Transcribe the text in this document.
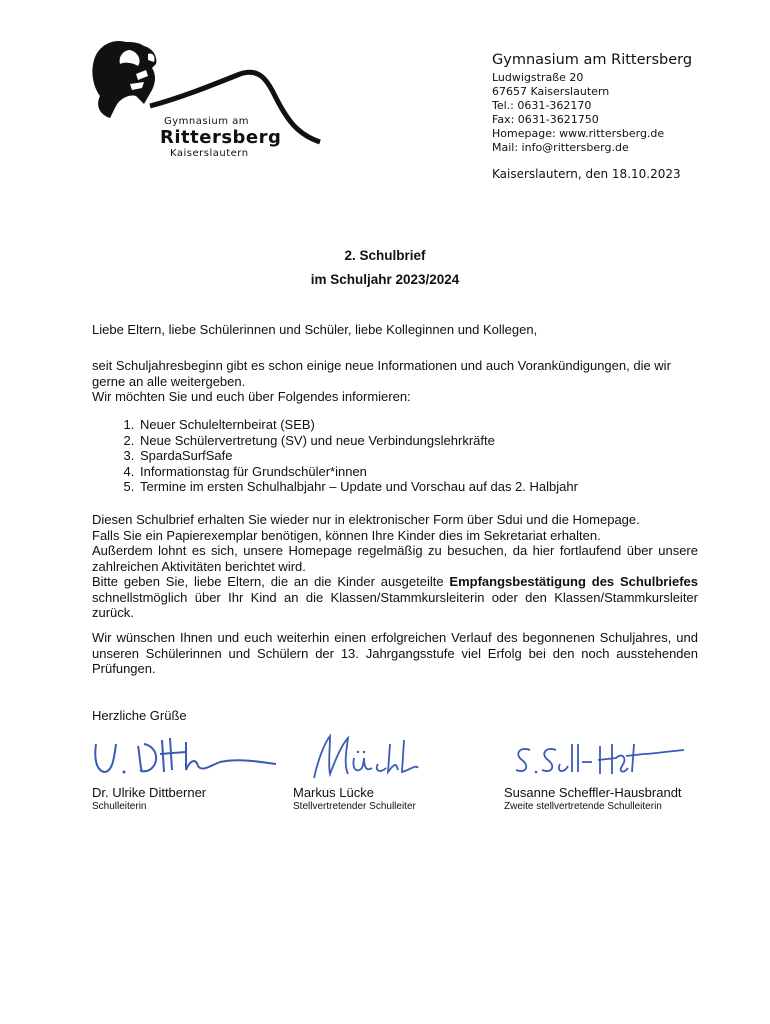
Gymnasium am
Rittersberg
Kaiserslautern
Gymnasium am Rittersberg
Ludwigstraße 20
67657 Kaiserslautern
Tel.: 0631-362170
Fax: 0631-3621750
Homepage: www.rittersberg.de
Mail: info@rittersberg.de
Kaiserslautern, den 18.10.2023
2. Schulbrief
im Schuljahr 2023/2024
Liebe Eltern, liebe Schülerinnen und Schüler, liebe Kolleginnen und Kollegen,
seit Schuljahresbeginn gibt es schon einige neue Informationen und auch Vorankündigungen, die wir gerne an alle weitergeben.
Wir möchten Sie und euch über Folgendes informieren:
1. Neuer Schulelternbeirat (SEB)
2. Neue Schülervertretung (SV) und neue Verbindungslehrkräfte
3. SpardaSurfSafe
4. Informationstag für Grundschüler*innen
5. Termine im ersten Schulhalbjahr – Update und Vorschau auf das 2. Halbjahr
Diesen Schulbrief erhalten Sie wieder nur in elektronischer Form über Sdui und die Homepage.
Falls Sie ein Papierexemplar benötigen, können Ihre Kinder dies im Sekretariat erhalten.
Außerdem lohnt es sich, unsere Homepage regelmäßig zu besuchen, da hier fortlaufend über unsere zahlreichen Aktivitäten berichtet wird.
Bitte geben Sie, liebe Eltern, die an die Kinder ausgeteilte Empfangsbestätigung des Schulbriefes schnellstmöglich über Ihr Kind an die Klassen/Stammkursleiterin oder den Klassen/Stammkursleiter zurück.
Wir wünschen Ihnen und euch weiterhin einen erfolgreichen Verlauf des begonnenen Schuljahres, und unseren Schülerinnen und Schülern der 13. Jahrgangsstufe viel Erfolg bei den noch ausstehenden Prüfungen.
Herzliche Grüße
Dr. Ulrike Dittberner
Schulleiterin
Markus Lücke
Stellvertretender Schulleiter
Susanne Scheffler-Hausbrandt
Zweite stellvertretende Schulleiterin
